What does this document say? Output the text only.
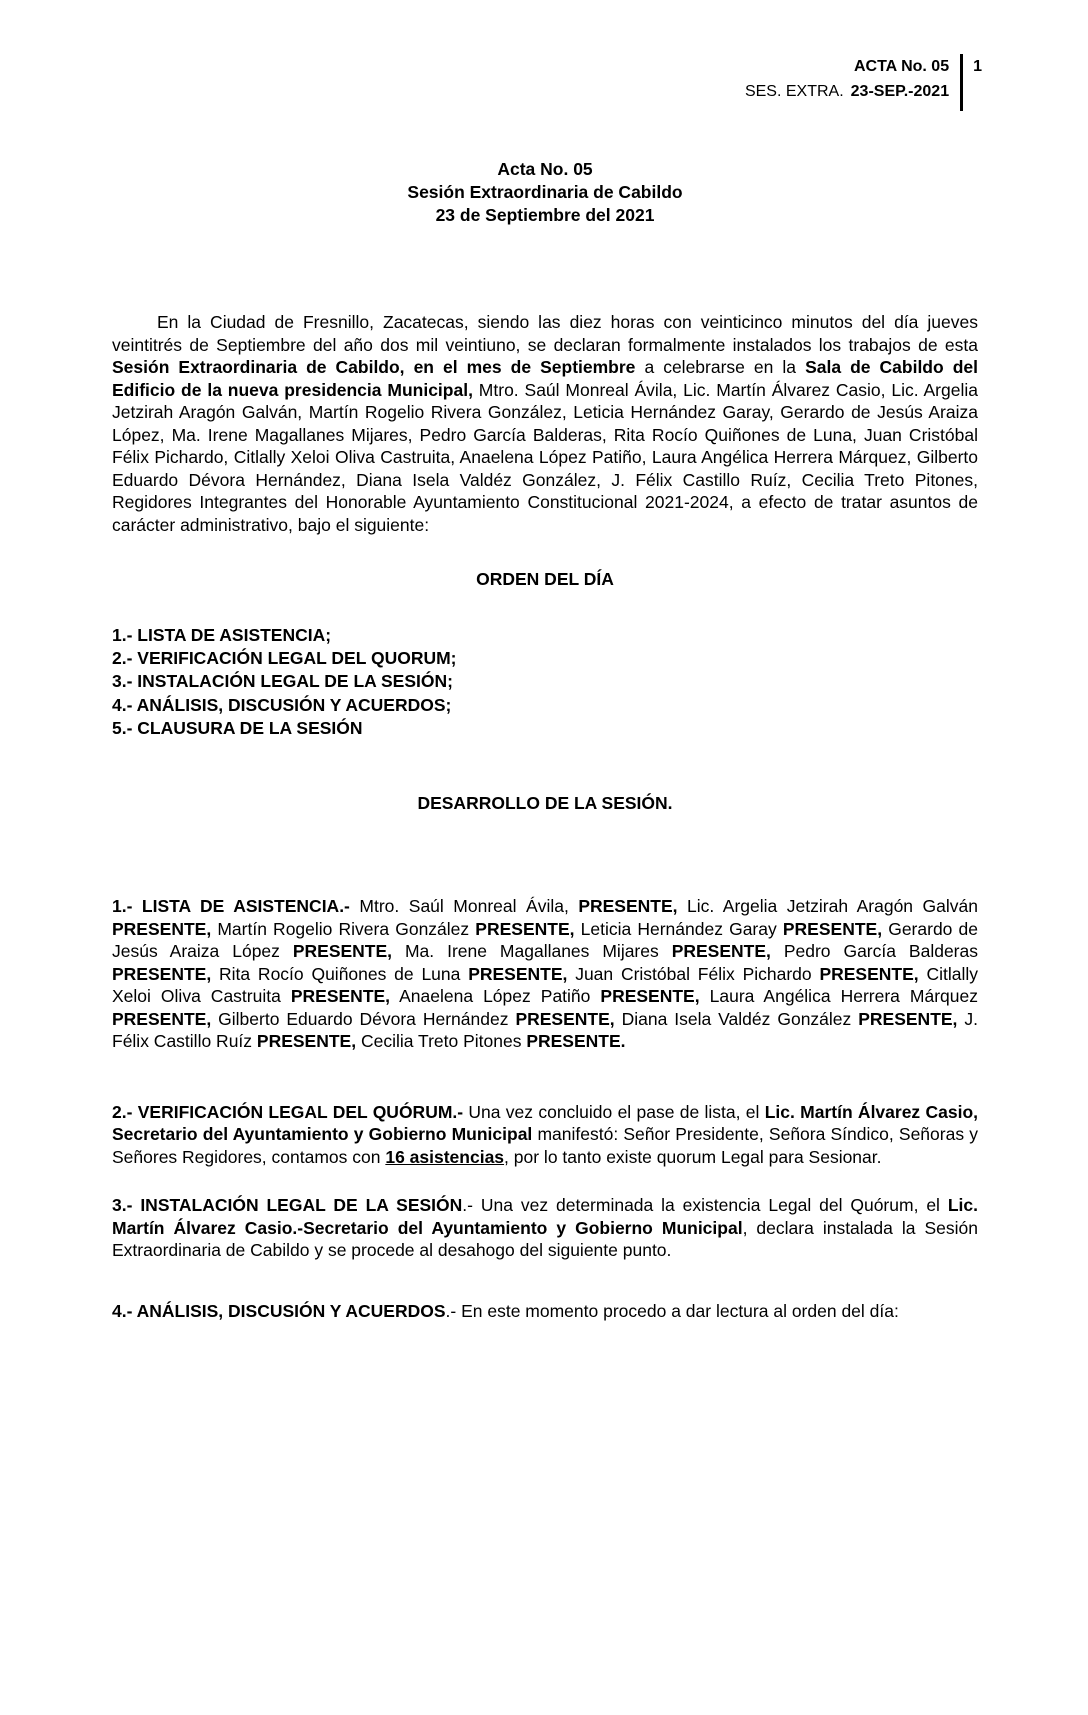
ACTA No. 05
SES. EXTRA. 23-SEP.-2021
1
Acta No. 05
Sesión Extraordinaria de Cabildo
23 de Septiembre del 2021

En la Ciudad de Fresnillo, Zacatecas, siendo las diez horas con veinticinco minutos del día jueves veintitrés de Septiembre del año dos mil veintiuno, se declaran formalmente instalados los trabajos de esta Sesión Extraordinaria de Cabildo, en el mes de Septiembre a celebrarse en la Sala de Cabildo del Edificio de la nueva presidencia Municipal, Mtro. Saúl Monreal Ávila, Lic. Martín Álvarez Casio, Lic. Argelia Jetzirah Aragón Galván, Martín Rogelio Rivera González, Leticia Hernández Garay, Gerardo de Jesús Araiza López, Ma. Irene Magallanes Mijares, Pedro García Balderas, Rita Rocío Quiñones de Luna, Juan Cristóbal Félix Pichardo, Citlally Xeloi Oliva Castruita, Anaelena López Patiño, Laura Angélica Herrera Márquez, Gilberto Eduardo Dévora Hernández, Diana Isela Valdéz González, J. Félix Castillo Ruíz, Cecilia Treto Pitones, Regidores Integrantes del Honorable Ayuntamiento Constitucional 2021-2024, a efecto de tratar asuntos de carácter administrativo, bajo el siguiente:

ORDEN DEL DÍA
1.- LISTA DE ASISTENCIA;
2.- VERIFICACIÓN LEGAL DEL QUORUM;
3.- INSTALACIÓN LEGAL DE LA SESIÓN;
4.- ANÁLISIS, DISCUSIÓN Y ACUERDOS;
5.- CLAUSURA DE LA SESIÓN
DESARROLLO DE LA SESIÓN.

1.- LISTA DE ASISTENCIA.- Mtro. Saúl Monreal Ávila, PRESENTE, Lic. Argelia Jetzirah Aragón Galván PRESENTE, Martín Rogelio Rivera González PRESENTE, Leticia Hernández Garay PRESENTE, Gerardo de Jesús Araiza López PRESENTE, Ma. Irene Magallanes Mijares PRESENTE, Pedro García Balderas PRESENTE, Rita Rocío Quiñones de Luna PRESENTE, Juan Cristóbal Félix Pichardo PRESENTE, Citlally Xeloi Oliva Castruita PRESENTE, Anaelena López Patiño PRESENTE, Laura Angélica Herrera Márquez PRESENTE, Gilberto Eduardo Dévora Hernández PRESENTE, Diana Isela Valdéz González PRESENTE, J. Félix Castillo Ruíz PRESENTE, Cecilia Treto Pitones PRESENTE.

2.- VERIFICACIÓN LEGAL DEL QUÓRUM.- Una vez concluido el pase de lista, el Lic. Martín Álvarez Casio, Secretario del Ayuntamiento y Gobierno Municipal manifestó: Señor Presidente, Señora Síndico, Señoras y Señores Regidores, contamos con 16 asistencias, por lo tanto existe quorum Legal para Sesionar.

3.- INSTALACIÓN LEGAL DE LA SESIÓN.- Una vez determinada la existencia Legal del Quórum, el Lic. Martín Álvarez Casio.-Secretario del Ayuntamiento y Gobierno Municipal, declara instalada la Sesión Extraordinaria de Cabildo y se procede al desahogo del siguiente punto.

4.- ANÁLISIS, DISCUSIÓN Y ACUERDOS.- En este momento procedo a dar lectura al orden del día:
